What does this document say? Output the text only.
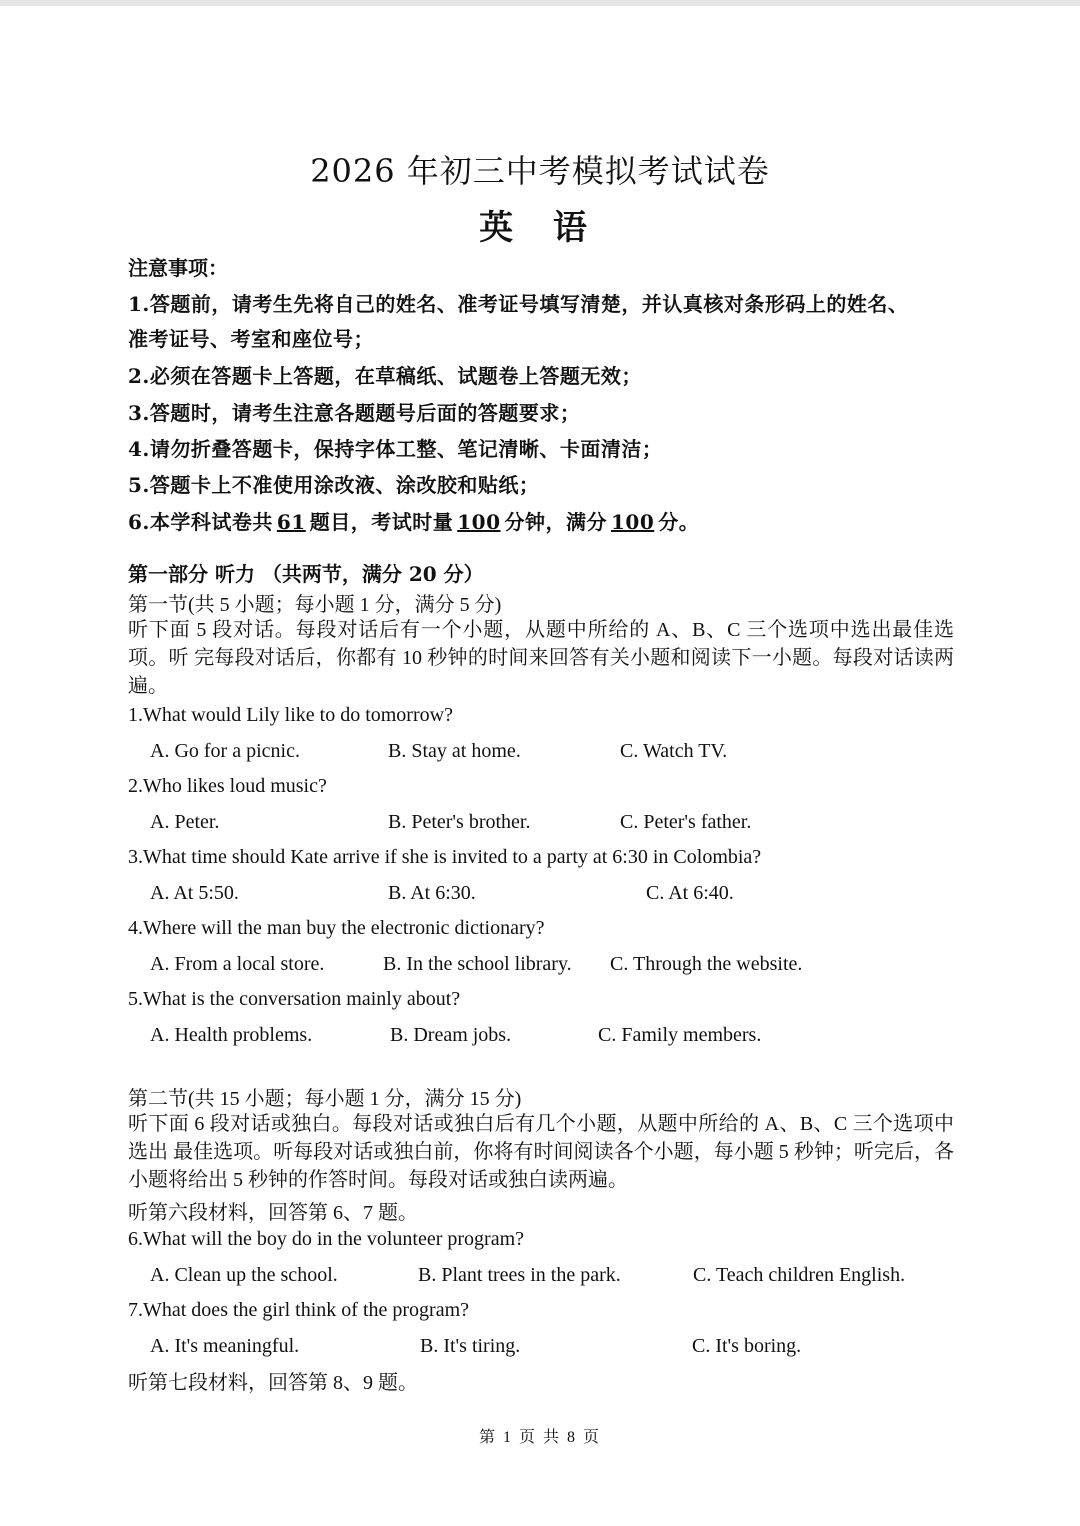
2026 年初三中考模拟考试试卷
英 语
注意事项：
1.答题前，请考生先将自己的姓名、准考证号填写清楚，并认真核对条形码上的姓名、
准考证号、考室和座位号；
2.必须在答题卡上答题，在草稿纸、试题卷上答题无效；
3.答题时，请考生注意各题题号后面的答题要求；
4.请勿折叠答题卡，保持字体工整、笔记清晰、卡面清洁；
5.答题卡上不准使用涂改液、涂改胶和贴纸；
6.本学科试卷共 61 题目，考试时量 100 分钟，满分 100 分。
第一部分 听力 （共两节，满分 20 分）
第一节(共 5 小题；每小题 1 分，满分 5 分)
听下面 5 段对话。每段对话后有一个小题，从题中所给的 A、B、C 三个选项中选出最佳选项。听 完每段对话后，你都有 10 秒钟的时间来回答有关小题和阅读下一小题。每段对话读两遍。
1.What would Lily like to do tomorrow?
A. Go for a picnic.	B. Stay at home.	C. Watch TV.
2.Who likes loud music?
A. Peter.	B. Peter's brother.	C. Peter's father.
3.What time should Kate arrive if she is invited to a party at 6:30 in Colombia?
A. At 5:50.	B. At 6:30.	C. At 6:40.
4.Where will the man buy the electronic dictionary?
A. From a local store.	B. In the school library. C. Through the website.
5.What is the conversation mainly about?
A. Health problems.	B. Dream jobs.	C. Family members.
第二节(共 15 小题；每小题 1 分，满分 15 分)
听下面 6 段对话或独白。每段对话或独白后有几个小题，从题中所给的 A、B、C 三个选项中选出 最佳选项。听每段对话或独白前，你将有时间阅读各个小题，每小题 5 秒钟；听完后，各小题将给出 5 秒钟的作答时间。每段对话或独白读两遍。
听第六段材料，回答第 6、7 题。
6.What will the boy do in the volunteer program?
A. Clean up the school.	B. Plant trees in the park.	C. Teach children English.
7.What does the girl think of the program?
A. It's meaningful.	B. It's tiring.	C. It's boring.
听第七段材料，回答第 8、9 题。
第 1 页 共 8 页
